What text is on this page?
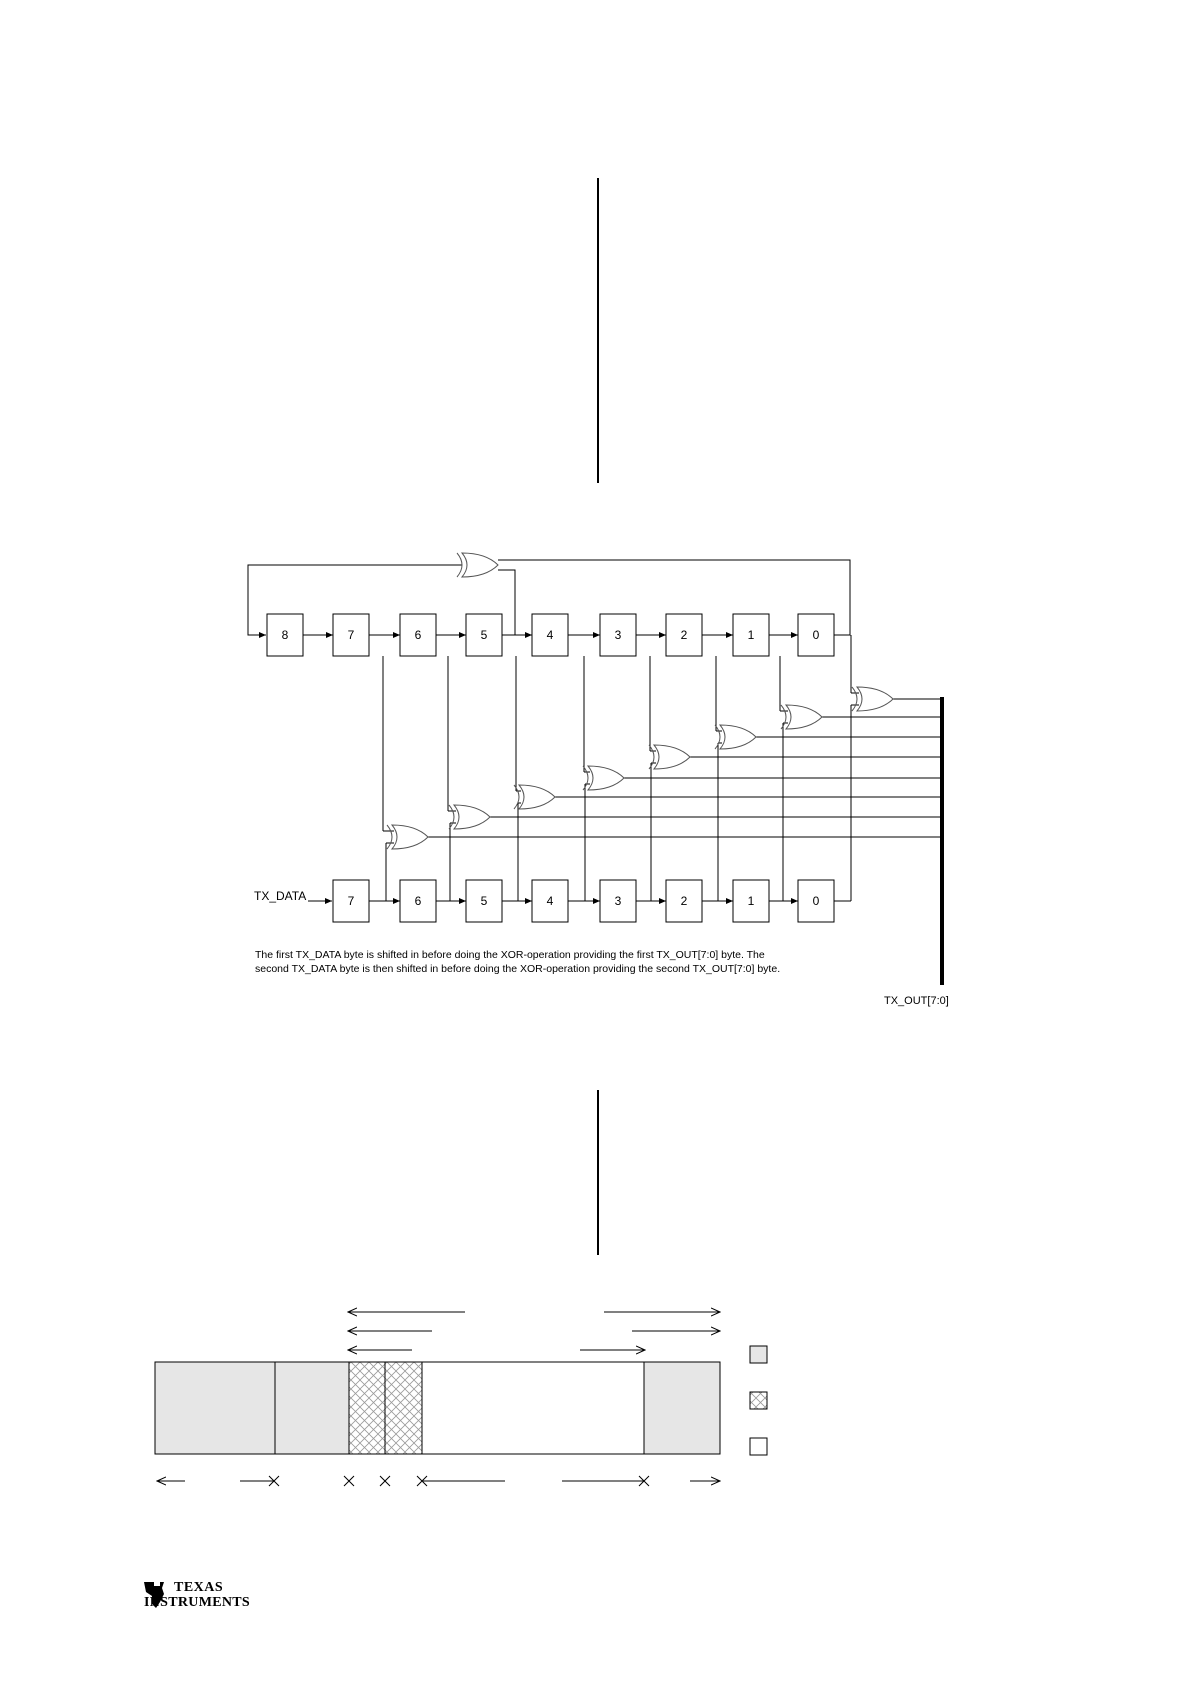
8	7	6	5	4	3	2	1	0
7	6	5	4	3	2	1	0
TX_DATA
The first TX_DATA byte is shifted in before doing the XOR-operation providing the first TX_OUT[7:0] byte. The
second TX_DATA byte is then shifted in before doing the XOR-operation providing the second TX_OUT[7:0] byte.
TX_OUT[7:0]
TEXAS
INSTRUMENTS
